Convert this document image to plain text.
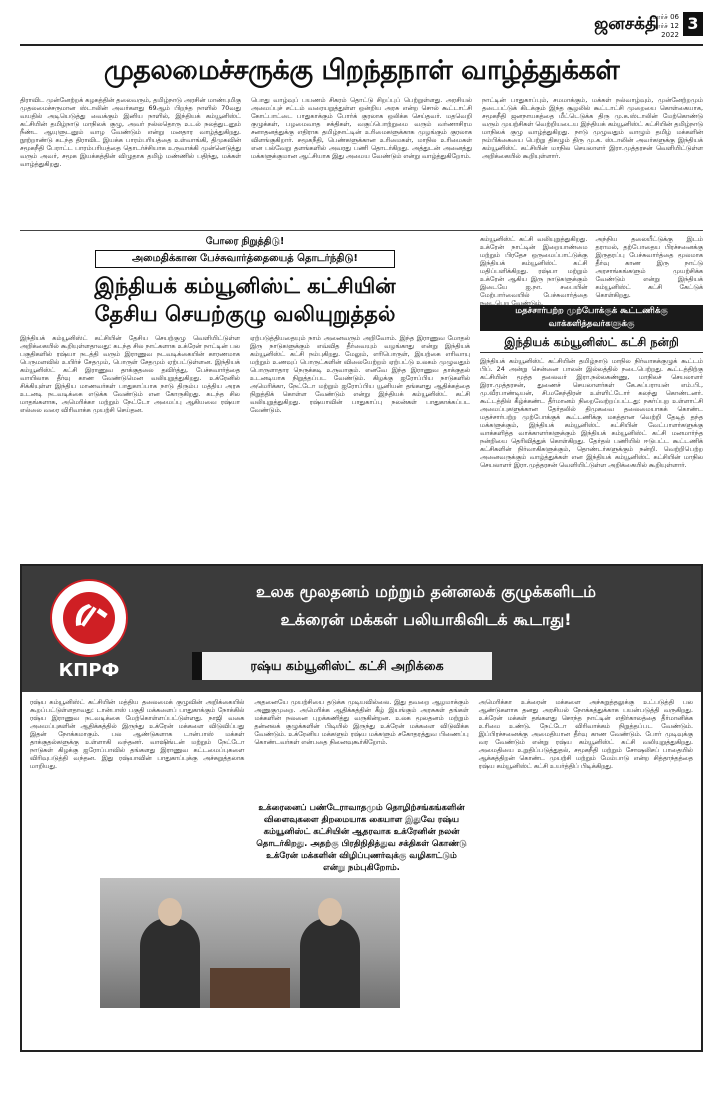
ஜனசக்தி
மார்ச் 06
மார்ச் 12
2022
3
முதலமைச்சருக்கு பிறந்தநாள் வாழ்த்துக்கள்
திராவிட முன்னேற்றக் கழகத்தின் தலைவரும், தமிழ்நாடு அரசின் மாண்புமிகு முதலமைச்சருமான ஸ்டாலின் அவர்களது 69ஆம் பிறந்த நாளில் 70வது வயதில் அடியெடுத்து வைக்கும் இனிய நாளில், இந்தியக் கம்யூனிஸ்ட் கட்சியின் தமிழ்நாடு மாநிலக் குழு, அவர் நல்லதொரு உடல் நலத்துடனும் நீண்ட ஆயுளுடனும் வாழ வேண்டும் என்று மனதார வாழ்த்துகிறது. நூற்றாண்டு கடந்த திராவிட இயக்க பாரம்பரியத்தை உள்வாங்கி, திமுகவின் சமூகநீதி பேராட்ட பாரம்பரியத்தை தொடர்ச்சியாக உருவாக்கி முன்னெடுத்து வரும் அவர், சமூக இயக்கத்தின் விழுதாக தமிழ் மண்ணில் பதிந்து, மக்கள் வாழ்த்துகிறது.
பொது வாழ்வுப் பயணம் சிகரம் தொட்டு சிறப்புப் பெற்றுள்ளது. அரசியல் அமைப்புச் சட்டம் வரையறுத்துள்ள ஒன்றிய அரசு என்ற சொல் கூட்டாட்சி கோட்பாட்டை பாதுகாக்கும் போர்க் குரலாக ஒலிக்க செய்தவர். மதவெறி குழுக்கள், பழமைவாத சக்திகள், வகுப்பொற்றுமை வரும் வர்ணாசிரம சனாதனத்துக்கு எதிராக தமிழ்நாட்டின் உரிமைகளுக்காக முழங்கும் குரலாக விளங்குகிறார். சமூகநீதி, பெண்களுக்கான உரிமைகள், மாநில உரிமைகள் என பல்வேறு தளங்களில் அவரது பணி தொடர்கிறது. அத்துடன் அனைத்து மக்களுக்குமான ஆட்சியாக இது அமைய வேண்டும் என்று வாழ்த்துகிறோம்.
நாட்டின் பாதுகாப்பும், சமமாக்கும், மக்கள் நல்வாழ்வும், முன்னேற்றமும் தடைபட்டுக் கிடக்கும் இந்த சூழலில் கூட்டாட்சி முறையை கொள்கையாக, சமூகநீதி ஜனநாயகத்தை மீட்டெடுக்க திரு மு.க.ஸ்டாலின் மேற்கொண்டு வரும் முயற்சிகள் வெற்றியடைய இந்தியக் கம்யூனிஸ்ட் கட்சியின் தமிழ்நாடு மாநிலக் குழு வாழ்த்துகிறது. நாடு முழுவதும் வாழும் தமிழ் மக்களின் நம்பிக்கையை பெற்று திகழும் திரு மு.க. ஸ்டாலின் அவர்களுக்கு இந்தியக் கம்யூனிஸ்ட் கட்சியின் மாநில செயலாளர் இரா.முத்தரசன் வெளியிட்டுள்ள அறிக்கையில் கூறியுள்ளார்.
போரை நிறுத்திடு!
அமைதிக்கான பேச்சுவார்த்தையைத் தொடர்ந்திடு!
இந்தியக் கம்யூனிஸ்ட் கட்சியின்
தேசிய செயற்குழு வலியுறுத்தல்
இந்தியக் கம்யூனிஸ்ட் கட்சியின் தேசிய செயற்குழு வெளியிட்டுள்ள அறிக்கையில் கூறியுள்ளதாவது: கடந்த சில நாட்களாக உக்ரேன் நாட்டின் பல பகுதிகளில் ரஷ்யா நடத்தி வரும் இராணுவ நடவடிக்கையின் காரணமாக பெருமளவில் உயிர்ச் சேதமும், பொருள் சேதமும் ஏற்பட்டுள்ளன. இந்தியக் கம்யூனிஸ்ட் கட்சி இராணுவ தாக்குதலை தவிர்த்து, பேச்சுவார்த்தை வாயிலாக தீர்வு காண வேண்டுமென வலியுறுத்துகிறது. உக்ரேனில் சிக்கியுள்ள இந்திய மாணவர்கள் பாதுகாப்பாக நாடு திரும்ப மத்திய அரசு உடனடி நடவடிக்கை எடுக்க வேண்டும் என கோருகிறது. கடந்த சில மாதங்களாக, அமெரிக்கா மற்றும் நேட்டோ அமைப்பு ஆகியவை ரஷ்யா எல்லை வரை விரிவாக்க முயற்சி செய்தன.
ஏற்படுத்தியதையும் நாம் அனைவரும் அறிவோம். இந்த இராணுவ மோதல் இரு நாடுகளுக்கும் எவ்வித தீர்வையும் வழங்காது என்று இந்தியக் கம்யூனிஸ்ட் கட்சி நம்புகிறது. மேலும், எரிபொருள், இயற்கை எரிவாயு மற்றும் உணவுப் பொருட்களின் விலையேற்றம் ஏற்பட்டு உலகம் முழுவதும் பொருளாதார நெருக்கடி உருவாகும். எனவே இந்த இராணுவ தாக்குதல் உடனடியாக நிறுத்தப்பட வேண்டும். கிழக்கு ஐரோப்பிய நாடுகளில் அமெரிக்கா, நேட்டோ மற்றும் ஐரோப்பிய யூனியன் தங்களது ஆதிக்கத்தை நிறுத்திக் கொள்ள வேண்டும் என்று இந்தியக் கம்யூனிஸ்ட் கட்சி வலியுறுத்துகிறது. ரஷ்யாவின் பாதுகாப்பு நலன்கள் பாதுகாக்கப்பட வேண்டும்.
கம்யூனிஸ்ட் கட்சி வலியுறுத்துகிறது. உக்ரேன் நாட்டின் இறையாண்மை மற்றும் பிரதேச ஒருமைப்பாட்டுக்கு இந்தியக் கம்யூனிஸ்ட் கட்சி மதிப்பளிக்கிறது. ரஷ்யா மற்றும் உக்ரேன் ஆகிய இரு நாடுகளுக்கும் இடையே ஐ.நா. சபையின் மேற்பார்வையில் பேச்சுவார்த்தை நடைபெற வேண்டும்.
அந்நிய தலையீட்டுக்கு இடம் தராமல், தற்போதைய பிரச்சனைக்கு இருதரப்பு பேச்சுவார்த்தை மூலமாக தீர்வு காண இரு நாட்டு அரசாங்கங்களும் முயற்சிக்க வேண்டும் என்று இந்தியக் கம்யூனிஸ்ட் கட்சி கேட்டுக் கொள்கிறது.
மதச்சார்பற்ற முற்போக்குக் கூட்டணிக்கு வாக்களித்தவர்களுக்கு
இந்தியக் கம்யூனிஸ்ட் கட்சி நன்றி
இந்தியக் கம்யூனிஸ்ட் கட்சியின் தமிழ்நாடு மாநில நிர்வாகக்குழுக் கூட்டம் பிப். 24 அன்று சென்னை பாலன் இல்லத்தில் நடைபெற்றது. கூட்டத்திற்கு கட்சியின் மூத்த தலைவர் இரா.நல்லகண்ணு, மாநிலச் செயலாளர் இரா.முத்தரசன், துணைச் செயலாளர்கள் கே.சுப்பராயன் எம்.பி., மு.வீரபாண்டியன், சி.மகேந்திரன் உள்ளிட்டோர் கலந்து கொண்டனர். கூட்டத்தில் கீழ்க்கண்ட தீர்மானம் நிறைவேற்றப்பட்டது: நகர்ப்புற உள்ளாட்சி அமைப்புகளுக்கான தேர்தலில் திமுகவை தலைமையாகக் கொண்ட மதச்சார்பற்ற முற்போக்குக் கூட்டணிக்கு மகத்தான வெற்றி தேடித் தந்த மக்களுக்கும், இந்தியக் கம்யூனிஸ்ட் கட்சியின் வேட்பாளர்களுக்கு வாக்களித்த வாக்காளர்களுக்கும் இந்தியக் கம்யூனிஸ்ட் கட்சி மனமார்ந்த நன்றியை தெரிவித்துக் கொள்கிறது. தேர்தல் பணியில் ஈடுபட்ட கூட்டணிக் கட்சிகளின் நிர்வாகிகளுக்கும், தொண்டர்களுக்கும் நன்றி. வெற்றிபெற்ற அனைவருக்கும் வாழ்த்துக்கள் என இந்தியக் கம்யூனிஸ்ட் கட்சியின் மாநில செயலாளர் இரா.முத்தரசன் வெளியிட்டுள்ள அறிக்கையில் கூறியுள்ளார்.
КПРФ
உலக மூலதனம் மற்றும் தன்னலக் குழுக்களிடம்
உக்ரைன் மக்கள் பலியாகிவிடக் கூடாது!
ரஷ்ய கம்யூனிஸ்ட் கட்சி அறிக்கை
ரஷ்ய கம்யூனிஸ்ட் கட்சியின் மத்திய தலைமைக் குழுவின் அறிக்கையில் கூறப்பட்டுள்ளதாவது: டான்பாஸ் பகுதி மக்களைப் பாதுகாக்கும் நோக்கில் ரஷ்ய இராணுவ நடவடிக்கை மேற்கொள்ளப்பட்டுள்ளது. நாஜி வகை அமைப்புகளின் ஆதிக்கத்தில் இருந்து உக்ரேன் மக்களை விடுவிப்பது இதன் நோக்கமாகும். பல ஆண்டுகளாக டான்பாஸ் மக்கள் தாக்குதல்களுக்கு உள்ளாகி வந்தனர். வாஷிங்டன் மற்றும் நேட்டோ நாடுகள் கிழக்கு ஐரோப்பாவில் தங்களது இராணுவ கட்டமைப்புகளை விரிவுபடுத்தி வந்தன. இது ரஷ்யாவின் பாதுகாப்புக்கு அச்சுறுத்தலாக மாறியது.
அதனையே முயற்சியை தடுக்க முடியவில்லை. இது தவறை ஆழமாக்கும் அணுகுமுறை. அமெரிக்க ஆதிக்கத்தின் கீழ் இயங்கும் அரசுகள் தங்கள் மக்களின் நலனை புறக்கணித்து வருகின்றன. உலக மூலதனம் மற்றும் தன்னலக் குழுக்களின் பிடியில் இருந்து உக்ரேன் மக்களை விடுவிக்க வேண்டும். உக்ரேனிய மக்களும் ரஷ்ய மக்களும் சகோதரத்துவ பிணைப்பு கொண்டவர்கள் என்பதை நினைவுகூர்கிறோம்.
உக்ரைனைப் பண்டேராவாதமும் தொழிற்சங்கங்களின் விளைவுகளை திறமையாக கையாள இதுவே ரஷ்ய கம்யூனிஸ்ட் கட்சியின் ஆதரவாக உக்ரேனின் நலன் தொடர்கிறது. அதற்கு பிரதிநிதித்துவ சக்திகள் கொண்டு உக்ரேன் மக்களின் விழிப்புணர்வுக்கு வழிகாட்டும் என்று நம்புகிறோம்.
அமெரிக்கா உக்ரைன் மக்களை அச்சுறுத்தலுக்கு உட்படுத்தி பல ஆண்டுகளாக தனது அரசியல் நோக்கத்துக்காக பயன்படுத்தி வருகிறது. உக்ரேன் மக்கள் தங்களது சொந்த நாட்டின் எதிர்காலத்தை தீர்மானிக்க உரிமை உண்டு. நேட்டோ விரிவாக்கம் நிறுத்தப்பட வேண்டும். இப்பிரச்சனைக்கு அமைதியான தீர்வு காண வேண்டும். போர் முடிவுக்கு வர வேண்டும் என்று ரஷ்ய கம்யூனிஸ்ட் கட்சி வலியுறுத்துகிறது. அமைதியை உறுதிப்படுத்துதல், சமூகநீதி மற்றும் சோஷலிசப் பாதையில் ஆக்கத்திறன் கொண்ட முயற்சி மற்றும் மேம்பாடு என்ற சித்தாந்தத்தை ரஷ்ய கம்யூனிஸ்ட் கட்சி உயர்த்திப் பிடிக்கிறது.
